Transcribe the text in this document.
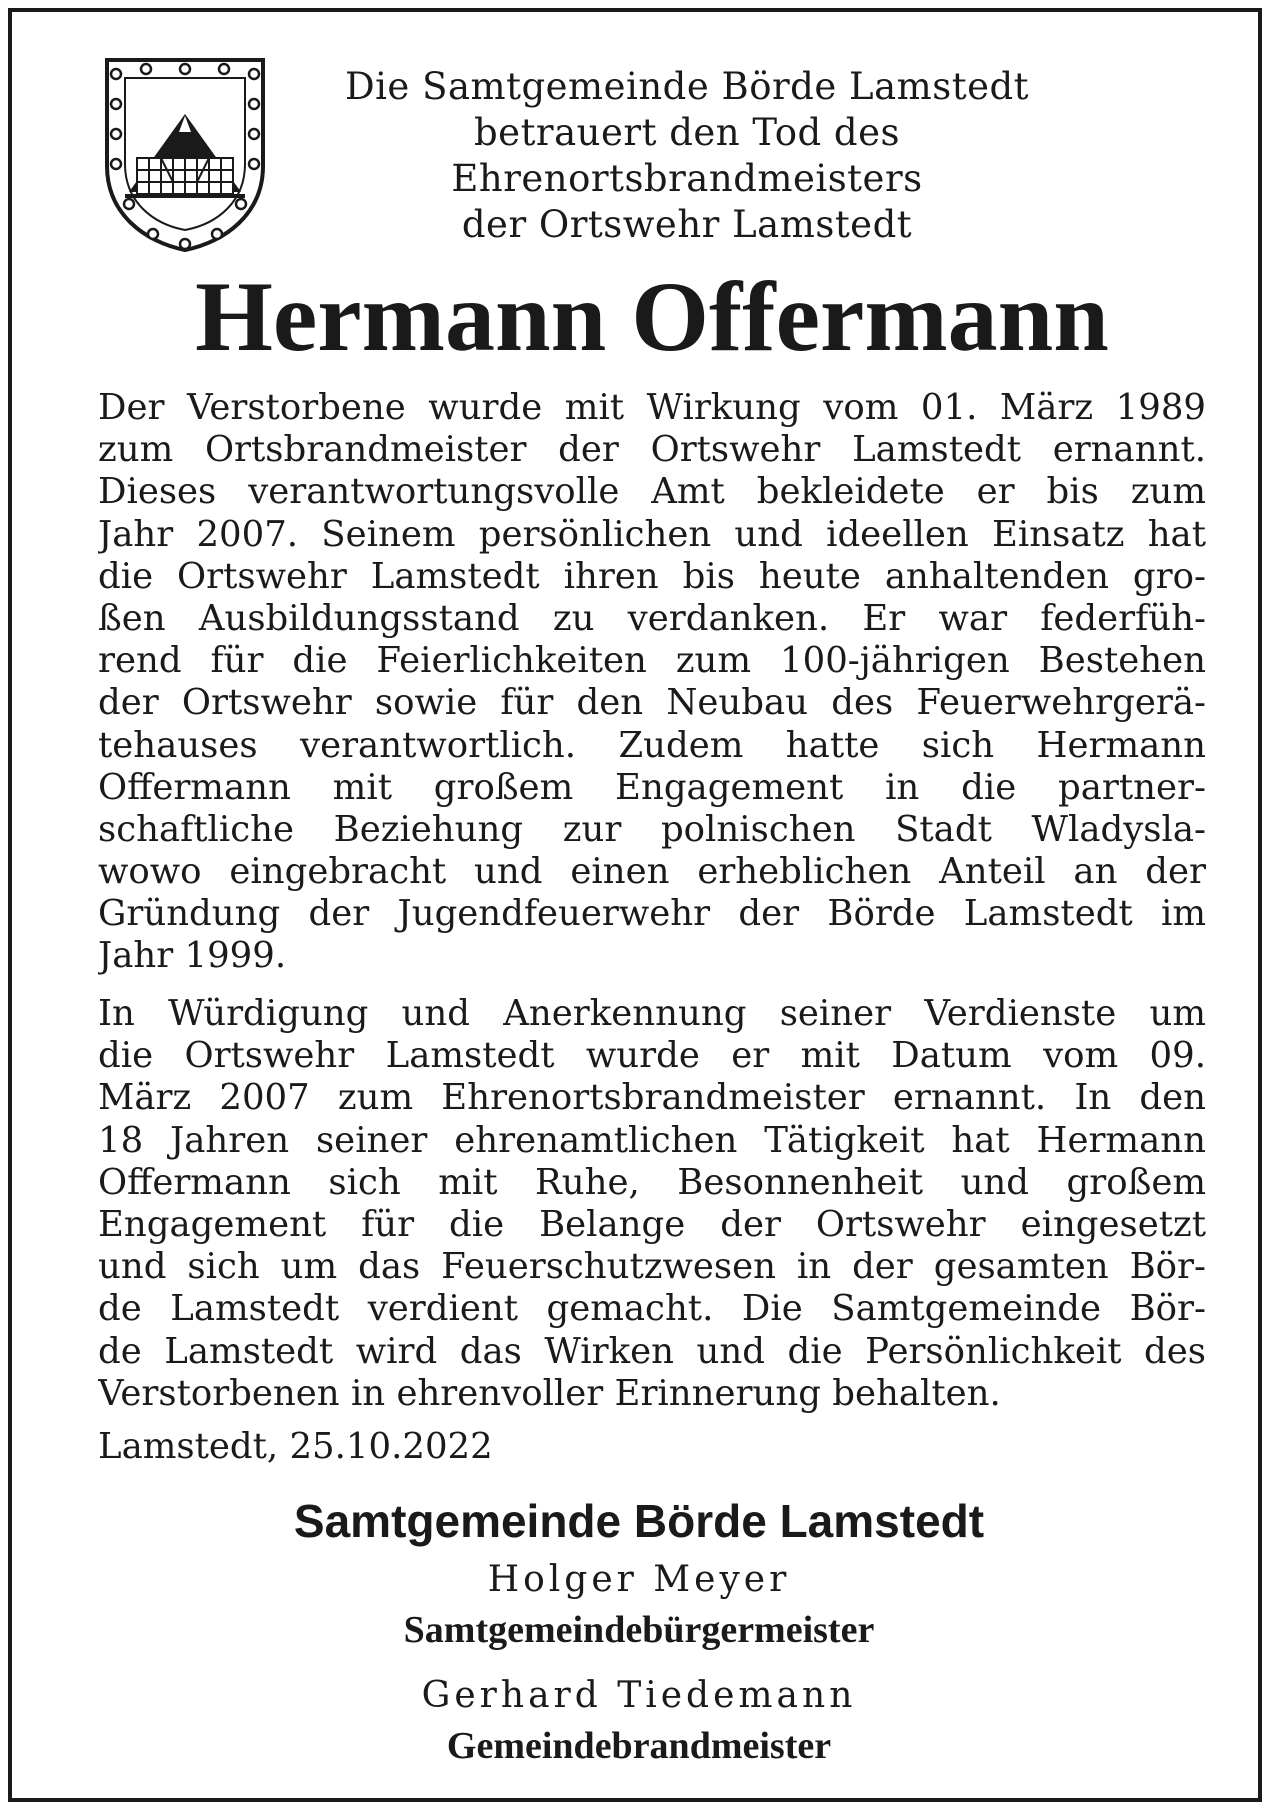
Die Samtgemeinde Börde Lamstedt
betrauert den Tod des
Ehrenortsbrandmeisters
der Ortswehr Lamstedt
Hermann Offermann
Der Verstorbene wurde mit Wirkung vom 01. März 1989
zum Ortsbrandmeister der Ortswehr Lamstedt ernannt.
Dieses verantwortungsvolle Amt bekleidete er bis zum
Jahr 2007. Seinem persönlichen und ideellen Einsatz hat
die Ortswehr Lamstedt ihren bis heute anhaltenden gro-
ßen Ausbildungsstand zu verdanken. Er war federfüh-
rend für die Feierlichkeiten zum 100-jährigen Bestehen
der Ortswehr sowie für den Neubau des Feuerwehrgerä-
tehauses verantwortlich. Zudem hatte sich Hermann
Offermann mit großem Engagement in die partner-
schaftliche Beziehung zur polnischen Stadt Wladysla-
wowo eingebracht und einen erheblichen Anteil an der
Gründung der Jugendfeuerwehr der Börde Lamstedt im
Jahr 1999.
In Würdigung und Anerkennung seiner Verdienste um
die Ortswehr Lamstedt wurde er mit Datum vom 09.
März 2007 zum Ehrenortsbrandmeister ernannt. In den
18 Jahren seiner ehrenamtlichen Tätigkeit hat Hermann
Offermann sich mit Ruhe, Besonnenheit und großem
Engagement für die Belange der Ortswehr eingesetzt
und sich um das Feuerschutzwesen in der gesamten Bör-
de Lamstedt verdient gemacht. Die Samtgemeinde Bör-
de Lamstedt wird das Wirken und die Persönlichkeit des
Verstorbenen in ehrenvoller Erinnerung behalten.
Lamstedt, 25.10.2022
Samtgemeinde Börde Lamstedt
Holger Meyer
Samtgemeindebürgermeister
Gerhard Tiedemann
Gemeindebrandmeister
